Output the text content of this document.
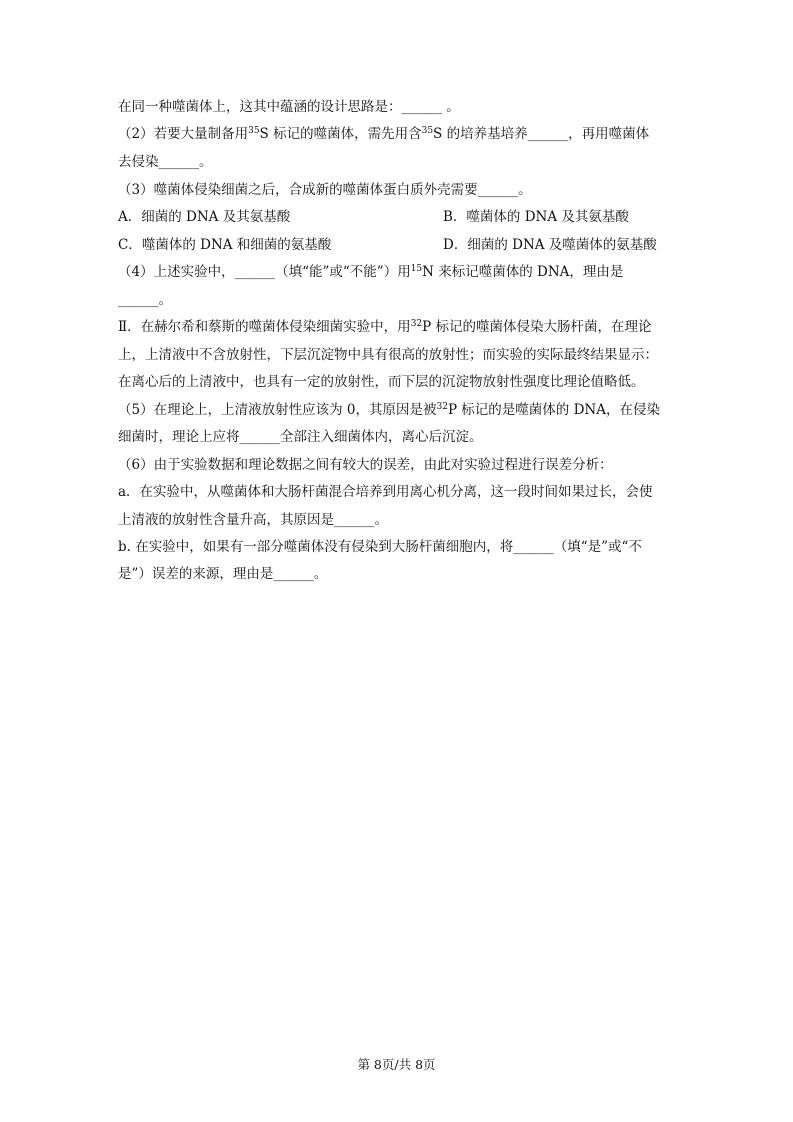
在同一种噬菌体上，这其中蕴涵的设计思路是：______ 。
（2）若要大量制备用$^{35}$S 标记的噬菌体，需先用含$^{35}$S 的培养基培养______，再用噬菌体
去侵染______。
（3）噬菌体侵染细菌之后，合成新的噬菌体蛋白质外壳需要______。
A．细菌的 DNA 及其氨基酸	B．噬菌体的 DNA 及其氨基酸
C．噬菌体的 DNA 和细菌的氨基酸	D．细菌的 DNA 及噬菌体的氨基酸
（4）上述实验中，______（填“能”或“不能”）用$^{15}$N 来标记噬菌体的 DNA，理由是
______。
Ⅱ．在赫尔希和蔡斯的噬菌体侵染细菌实验中，用$^{32}$P 标记的噬菌体侵染大肠杆菌，在理论
上，上清液中不含放射性，下层沉淀物中具有很高的放射性；而实验的实际最终结果显示：
在离心后的上清液中，也具有一定的放射性，而下层的沉淀物放射性强度比理论值略低。
（5）在理论上，上清液放射性应该为 0，其原因是被$^{32}$P 标记的是噬菌体的 DNA，在侵染
细菌时，理论上应将______全部注入细菌体内，离心后沉淀。
（6）由于实验数据和理论数据之间有较大的误差，由此对实验过程进行误差分析：
a．在实验中，从噬菌体和大肠杆菌混合培养到用离心机分离，这一段时间如果过长，会使
上清液的放射性含量升高，其原因是______。
b. 在实验中，如果有一部分噬菌体没有侵染到大肠杆菌细胞内，将______（填“是”或“不
是”）误差的来源，理由是______。
第 8页/共 8页
